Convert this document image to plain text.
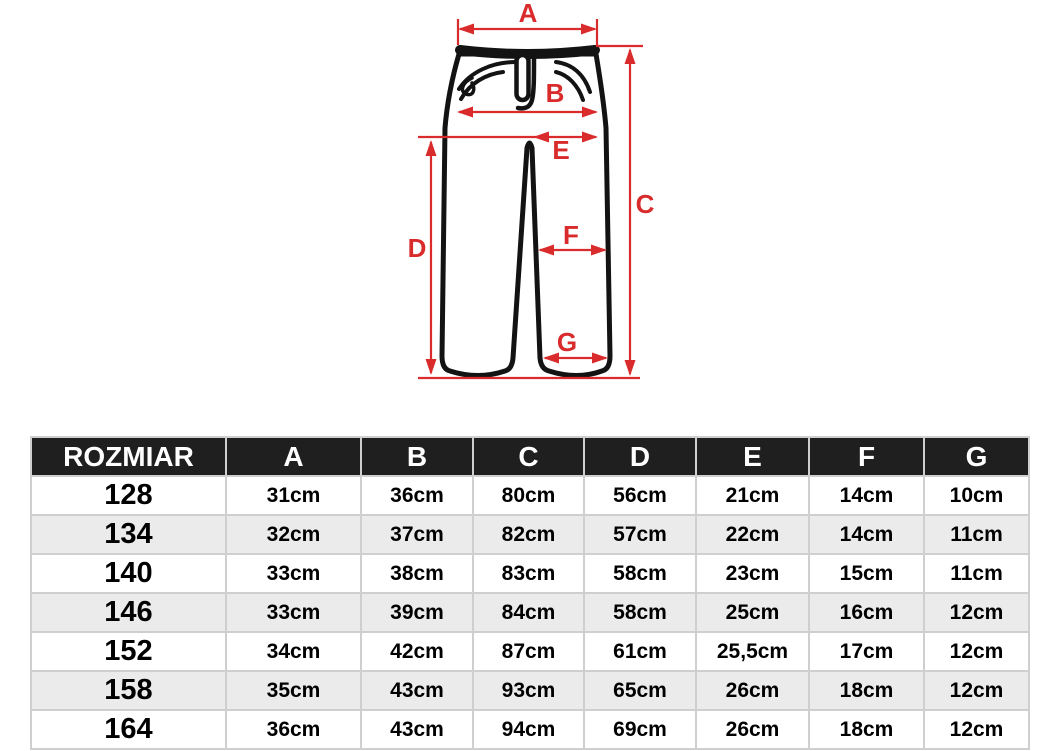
A
B
C
D
E
F
G
ROZMIAR	A	B	C	D	E	F	G
128	31cm	36cm	80cm	56cm	21cm	14cm	10cm
134	32cm	37cm	82cm	57cm	22cm	14cm	11cm
140	33cm	38cm	83cm	58cm	23cm	15cm	11cm
146	33cm	39cm	84cm	58cm	25cm	16cm	12cm
152	34cm	42cm	87cm	61cm	25,5cm	17cm	12cm
158	35cm	43cm	93cm	65cm	26cm	18cm	12cm
164	36cm	43cm	94cm	69cm	26cm	18cm	12cm
